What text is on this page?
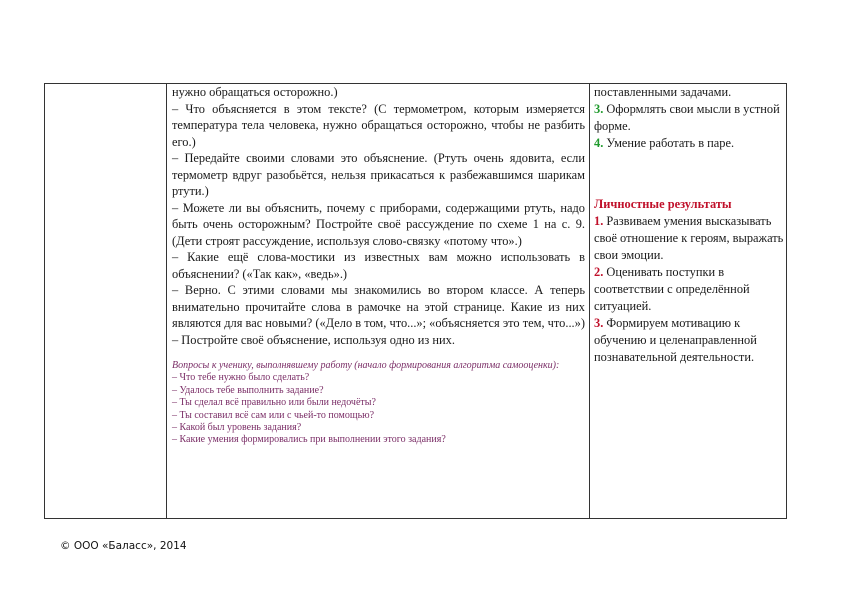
нужно обращаться осторожно.)

– Что объясняется в этом тексте? (С термометром, которым измеряется температура тела человека, нужно обращаться осторожно, чтобы не разбить его.)

– Передайте своими словами это объяснение. (Ртуть очень ядовита, если термометр вдруг разобьётся, нельзя прикасаться к разбежавшимся шарикам ртути.)

– Можете ли вы объяснить, почему с приборами, содержащими ртуть, надо быть очень осторожным? Постройте своё рассуждение по схеме 1 на с. 9. (Дети строят рассуждение, используя слово-связку «потому что».)

– Какие ещё слова-мостики из известных вам можно использовать в объяснении? («Так как», «ведь».)

– Верно. С этими словами мы знакомились во втором классе. А теперь внимательно прочитайте слова в рамочке на этой странице. Какие из них являются для вас новыми? («Дело в том, что...»; «объясняется это тем, что...»)

– Постройте своё объяснение, используя одно из них.

Вопросы к ученику, выполнявшему работу (начало формирования алгоритма самооценки):

– Что тебе нужно было сделать?

– Удалось тебе выполнить задание?

– Ты сделал всё правильно или были недочёты?

– Ты составил всё сам или с чьей-то помощью?

– Какой был уровень задания?

– Какие умения формировались при выполнении этого задания?

поставленными задачами.

3. Оформлять свои мысли в устной форме.

4. Умение работать в паре.

Личностные результаты

1. Развиваем умения высказывать своё отношение к героям, выражать свои эмоции.

2. Оценивать поступки в соответствии с определённой ситуацией.

3. Формируем мотивацию к обучению и целенаправленной познавательной деятельности.

© ООО «Баласс», 2014
